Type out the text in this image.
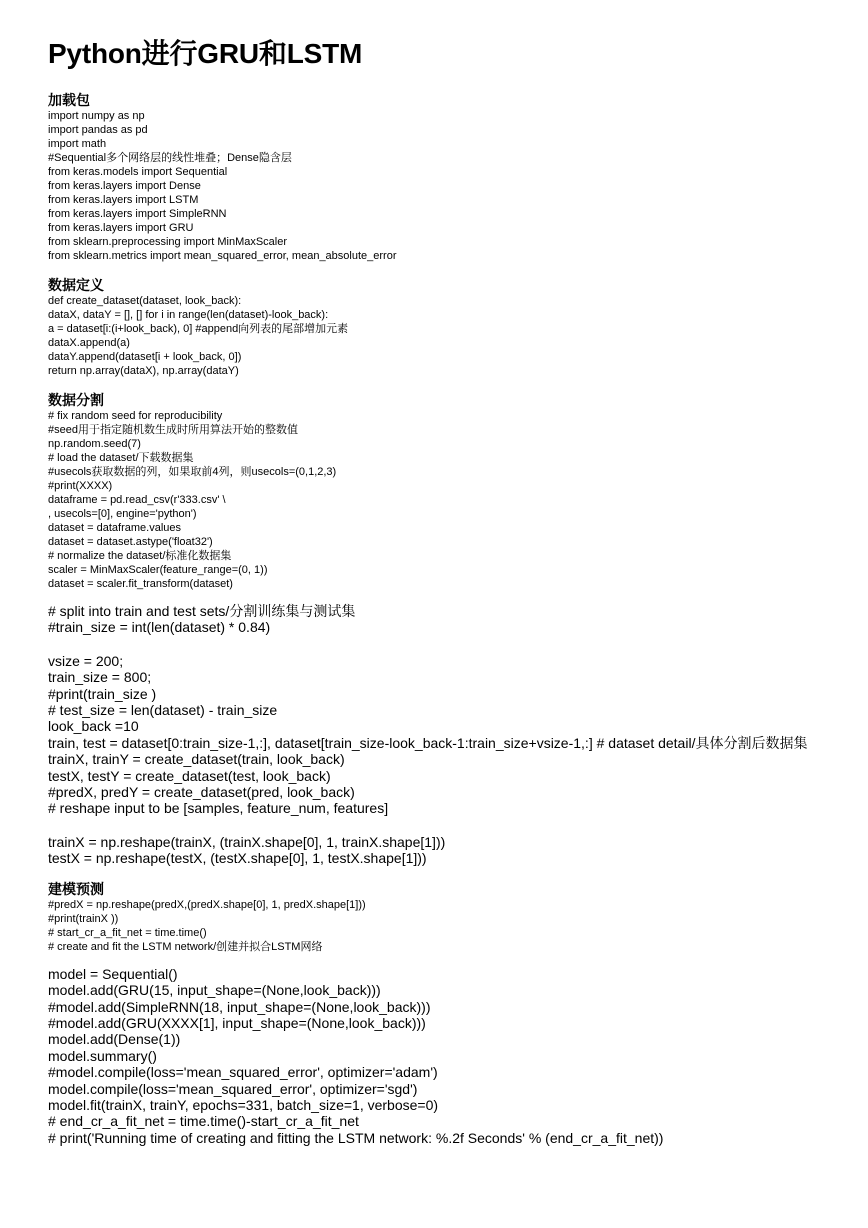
Python进行GRU和LSTM
加载包
import numpy as np
import pandas as pd
import math
#Sequential多个网络层的线性堆叠；Dense隐含层
from keras.models import Sequential
from keras.layers import Dense
from keras.layers import LSTM
from keras.layers import SimpleRNN
from keras.layers import GRU
from sklearn.preprocessing import MinMaxScaler
from sklearn.metrics import mean_squared_error, mean_absolute_error
数据定义
def create_dataset(dataset, look_back):
dataX, dataY = [], [] for i in range(len(dataset)-look_back):
a = dataset[i:(i+look_back), 0] #append向列表的尾部增加元素
dataX.append(a)
dataY.append(dataset[i + look_back, 0])
return np.array(dataX), np.array(dataY)
数据分割
# fix random seed for reproducibility
#seed用于指定随机数生成时所用算法开始的整数值
np.random.seed(7)
# load the dataset/下载数据集
#usecols获取数据的列，如果取前4列，则usecols=(0,1,2,3)
#print(XXXX)
dataframe = pd.read_csv(r'333.csv' \
, usecols=[0], engine='python')
dataset = dataframe.values
dataset = dataset.astype('float32')
# normalize the dataset/标准化数据集
scaler = MinMaxScaler(feature_range=(0, 1))
dataset = scaler.fit_transform(dataset)
# split into train and test sets/分割训练集与测试集
#train_size = int(len(dataset) * 0.84)
vsize = 200;
train_size = 800;
#print(train_size )
# test_size = len(dataset) - train_size
look_back =10
train, test = dataset[0:train_size-1,:], dataset[train_size-look_back-1:train_size+vsize-1,:] # dataset detail/具体分割后数据集
trainX, trainY = create_dataset(train, look_back)
testX, testY = create_dataset(test, look_back)
#predX, predY = create_dataset(pred, look_back)
# reshape input to be [samples, feature_num, features]
trainX = np.reshape(trainX, (trainX.shape[0], 1, trainX.shape[1]))
testX = np.reshape(testX, (testX.shape[0], 1, testX.shape[1]))
建模预测
#predX = np.reshape(predX,(predX.shape[0], 1, predX.shape[1]))
#print(trainX ))
# start_cr_a_fit_net = time.time()
# create and fit the LSTM network/创建并拟合LSTM网络
model = Sequential()
model.add(GRU(15, input_shape=(None,look_back)))
#model.add(SimpleRNN(18, input_shape=(None,look_back)))
#model.add(GRU(XXXX[1], input_shape=(None,look_back)))
model.add(Dense(1))
model.summary()
#model.compile(loss='mean_squared_error', optimizer='adam')
model.compile(loss='mean_squared_error', optimizer='sgd')
model.fit(trainX, trainY, epochs=331, batch_size=1, verbose=0)
# end_cr_a_fit_net = time.time()-start_cr_a_fit_net
# print('Running time of creating and fitting the LSTM network: %.2f Seconds' % (end_cr_a_fit_net))
